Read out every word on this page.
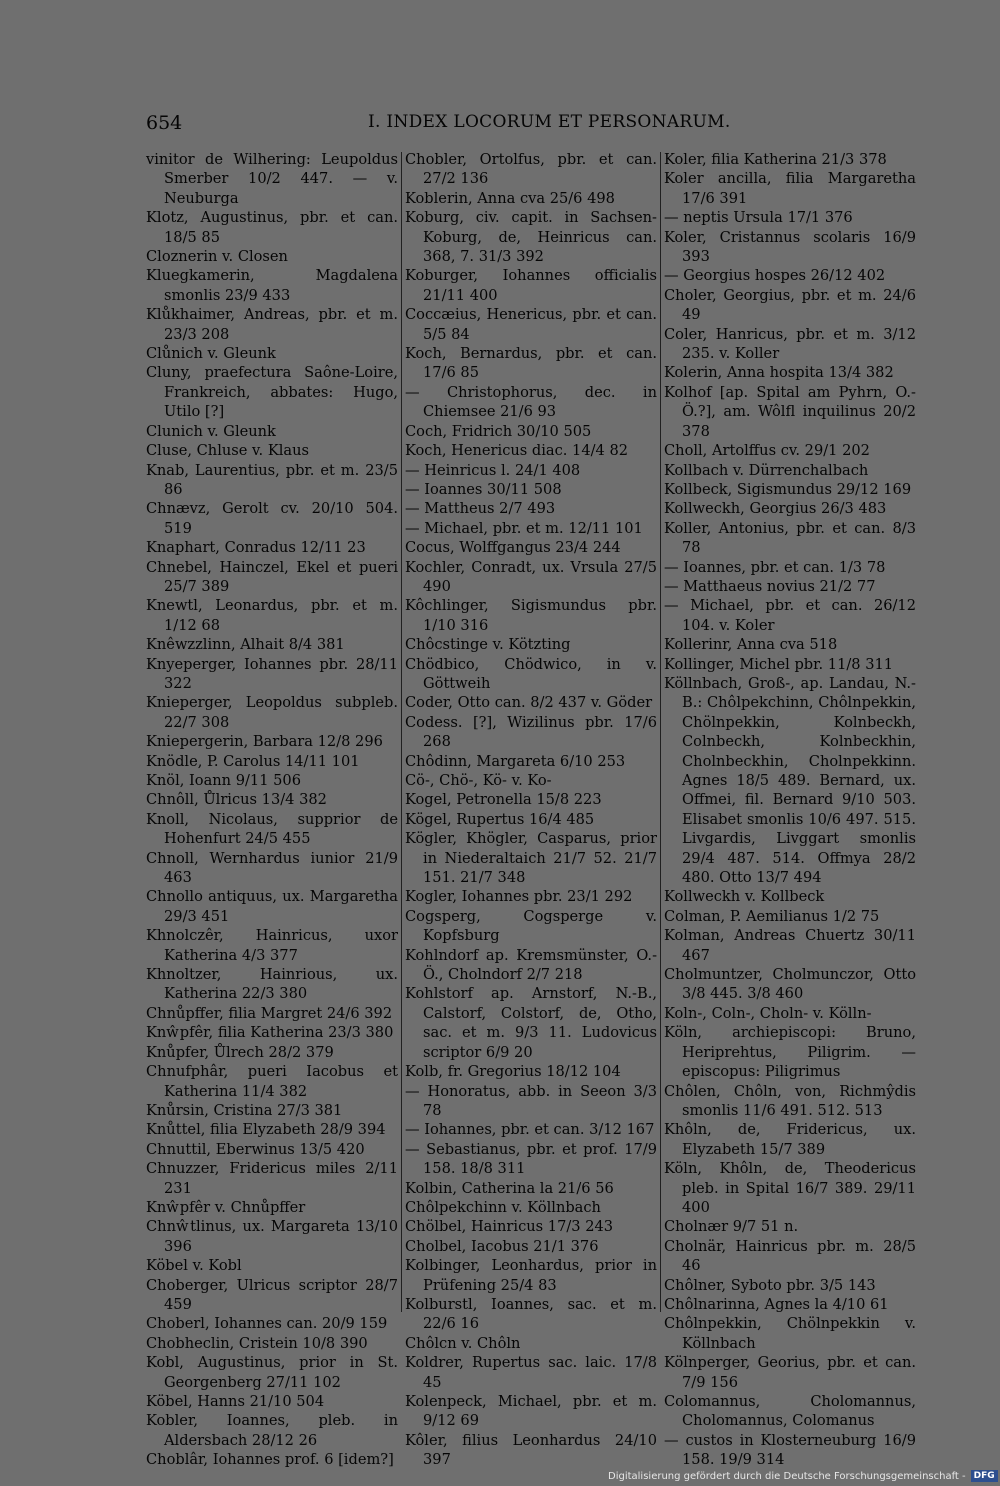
654	I. INDEX LOCORUM ET PERSONARUM.
vinitor de Wilhering: Leupoldus Smerber 10/2 447. — v. Neuburga
Klotz, Augustinus, pbr. et can. 18/5 85
Cloznerin v. Closen
Kluegkamerin, Magdalena smonlis 23/9 433
Klůkhaimer, Andreas, pbr. et m. 23/3 208
Clůnich v. Gleunk
Cluny, praefectura Saône-Loire, Frankreich, abbates: Hugo, Utilo [?]
Clunich v. Gleunk
Cluse, Chluse v. Klaus
Knab, Laurentius, pbr. et m. 23/5 86
Chnævz, Gerolt cv. 20/10 504. 519
Knaphart, Conradus 12/11 23
Chnebel, Hainczel, Ekel et pueri 25/7 389
Knewtl, Leonardus, pbr. et m. 1/12 68
Knêwzzlinn, Alhait 8/4 381
Knyeperger, Iohannes pbr. 28/11 322
Knieperger, Leopoldus subpleb. 22/7 308
Kniepergerin, Barbara 12/8 296
Knödle, P. Carolus 14/11 101
Knöl, Ioann 9/11 506
Chnôll, Ůlricus 13/4 382
Knoll, Nicolaus, supprior de Hohenfurt 24/5 455
Chnoll, Wernhardus iunior 21/9 463
Chnollo antiquus, ux. Margaretha 29/3 451
Khnolczêr, Hainricus, uxor Katherina 4/3 377
Khnoltzer, Hainrious, ux. Katherina 22/3 380
Chnůpffer, filia Margret 24/6 392
Knŵpfêr, filia Katherina 23/3 380
Knůpfer, Ůlrech 28/2 379
Chnufphâr, pueri Iacobus et Katherina 11/4 382
Knůrsin, Cristina 27/3 381
Knůttel, filia Elyzabeth 28/9 394
Chnuttil, Eberwinus 13/5 420
Chnuzzer, Fridericus miles 2/11 231
Knŵpfêr v. Chnůpffer
Chnŵtlinus, ux. Margareta 13/10 396
Köbel v. Kobl
Choberger, Ulricus scriptor 28/7 459
Choberl, Iohannes can. 20/9 159
Chobheclin, Cristein 10/8 390
Kobl, Augustinus, prior in St. Georgenberg 27/11 102
Köbel, Hanns 21/10 504
Kobler, Ioannes, pleb. in Aldersbach 28/12 26
Choblâr, Iohannes prof. 6 [idem?]
Chobler, Ortolfus, pbr. et can. 27/2 136
Koblerin, Anna cva 25/6 498
Koburg, civ. capit. in Sachsen-Koburg, de, Heinricus can. 368, 7. 31/3 392
Koburger, Iohannes officialis 21/11 400
Coccæius, Henericus, pbr. et can. 5/5 84
Koch, Bernardus, pbr. et can. 17/6 85
— Christophorus, dec. in Chiemsee 21/6 93
Coch, Fridrich 30/10 505
Koch, Henericus diac. 14/4 82
— Heinricus l. 24/1 408
— Ioannes 30/11 508
— Mattheus 2/7 493
— Michael, pbr. et m. 12/11 101
Cocus, Wolffgangus 23/4 244
Kochler, Conradt, ux. Vrsula 27/5 490
Kôchlinger, Sigismundus pbr. 1/10 316
Chôcstinge v. Kötzting
Chödbico, Chödwico, in v. Göttweih
Coder, Otto can. 8/2 437 v. Göder
Codess. [?], Wizilinus pbr. 17/6 268
Chôdinn, Margareta 6/10 253
Cö-, Chö-, Kö- v. Ko-
Kogel, Petronella 15/8 223
Kögel, Rupertus 16/4 485
Kögler, Khögler, Casparus, prior in Niederaltaich 21/7 52. 21/7 151. 21/7 348
Kogler, Iohannes pbr. 23/1 292
Cogsperg, Cogsperge v. Kopfsburg
Kohlndorf ap. Kremsmünster, O.-Ö., Cholndorf 2/7 218
Kohlstorf ap. Arnstorf, N.-B., Calstorf, Colstorf, de, Otho, sac. et m. 9/3 11. Ludovicus scriptor 6/9 20
Kolb, fr. Gregorius 18/12 104
— Honoratus, abb. in Seeon 3/3 78
— Iohannes, pbr. et can. 3/12 167
— Sebastianus, pbr. et prof. 17/9 158. 18/8 311
Kolbin, Catherina la 21/6 56
Chôlpekchinn v. Köllnbach
Chölbel, Hainricus 17/3 243
Cholbel, Iacobus 21/1 376
Kolbinger, Leonhardus, prior in Prüfening 25/4 83
Kolburstl, Ioannes, sac. et m. 22/6 16
Chôlcn v. Chôln
Koldrer, Rupertus sac. laic. 17/8 45
Kolenpeck, Michael, pbr. et m. 9/12 69
Kôler, filius Leonhardus 24/10 397
Koler, filia Katherina 21/3 378
Koler ancilla, filia Margaretha 17/6 391
— neptis Ursula 17/1 376
Koler, Cristannus scolaris 16/9 393
— Georgius hospes 26/12 402
Choler, Georgius, pbr. et m. 24/6 49
Coler, Hanricus, pbr. et m. 3/12 235. v. Koller
Kolerin, Anna hospita 13/4 382
Kolhof [ap. Spital am Pyhrn, O.-Ö.?], am. Wôlfl inquilinus 20/2 378
Choll, Artolffus cv. 29/1 202
Kollbach v. Dürrenchalbach
Kollbeck, Sigismundus 29/12 169
Kollweckh, Georgius 26/3 483
Koller, Antonius, pbr. et can. 8/3 78
— Ioannes, pbr. et can. 1/3 78
— Matthaeus novius 21/2 77
— Michael, pbr. et can. 26/12 104. v. Koler
Kollerinr, Anna cva 518
Kollinger, Michel pbr. 11/8 311
Köllnbach, Groß-, ap. Landau, N.-B.: Chôlpekchinn, Chôlnpekkin, Chölnpekkin, Kolnbeckh, Colnbeckh, Kolnbeckhin, Cholnbeckhin, Cholnpekkinn. Agnes 18/5 489. Bernard, ux. Offmei, fil. Bernard 9/10 503. Elisabet smonlis 10/6 497. 515. Livgardis, Livggart smonlis 29/4 487. 514. Offmya 28/2 480. Otto 13/7 494
Kollweckh v. Kollbeck
Colman, P. Aemilianus 1/2 75
Kolman, Andreas Chuertz 30/11 467
Cholmuntzer, Cholmunczor, Otto 3/8 445. 3/8 460
Koln-, Coln-, Choln- v. Kölln-
Köln, archiepiscopi: Bruno, Heriprehtus, Piligrim. — episcopus: Piligrimus
Chôlen, Chôln, von, Richmŷdis smonlis 11/6 491. 512. 513
Khôln, de, Fridericus, ux. Elyzabeth 15/7 389
Köln, Khôln, de, Theodericus pleb. in Spital 16/7 389. 29/11 400
Cholnær 9/7 51 n.
Cholnär, Hainricus pbr. m. 28/5 46
Chôlner, Syboto pbr. 3/5 143
Chôlnarinna, Agnes la 4/10 61
Chôlnpekkin, Chölnpekkin v. Köllnbach
Kölnperger, Georius, pbr. et can. 7/9 156
Colomannus, Cholomannus, Cholomannus, Colomanus
— custos in Klosterneuburg 16/9 158. 19/9 314
Digitalisierung gefördert durch die Deutsche Forschungsgemeinschaft - DFG
